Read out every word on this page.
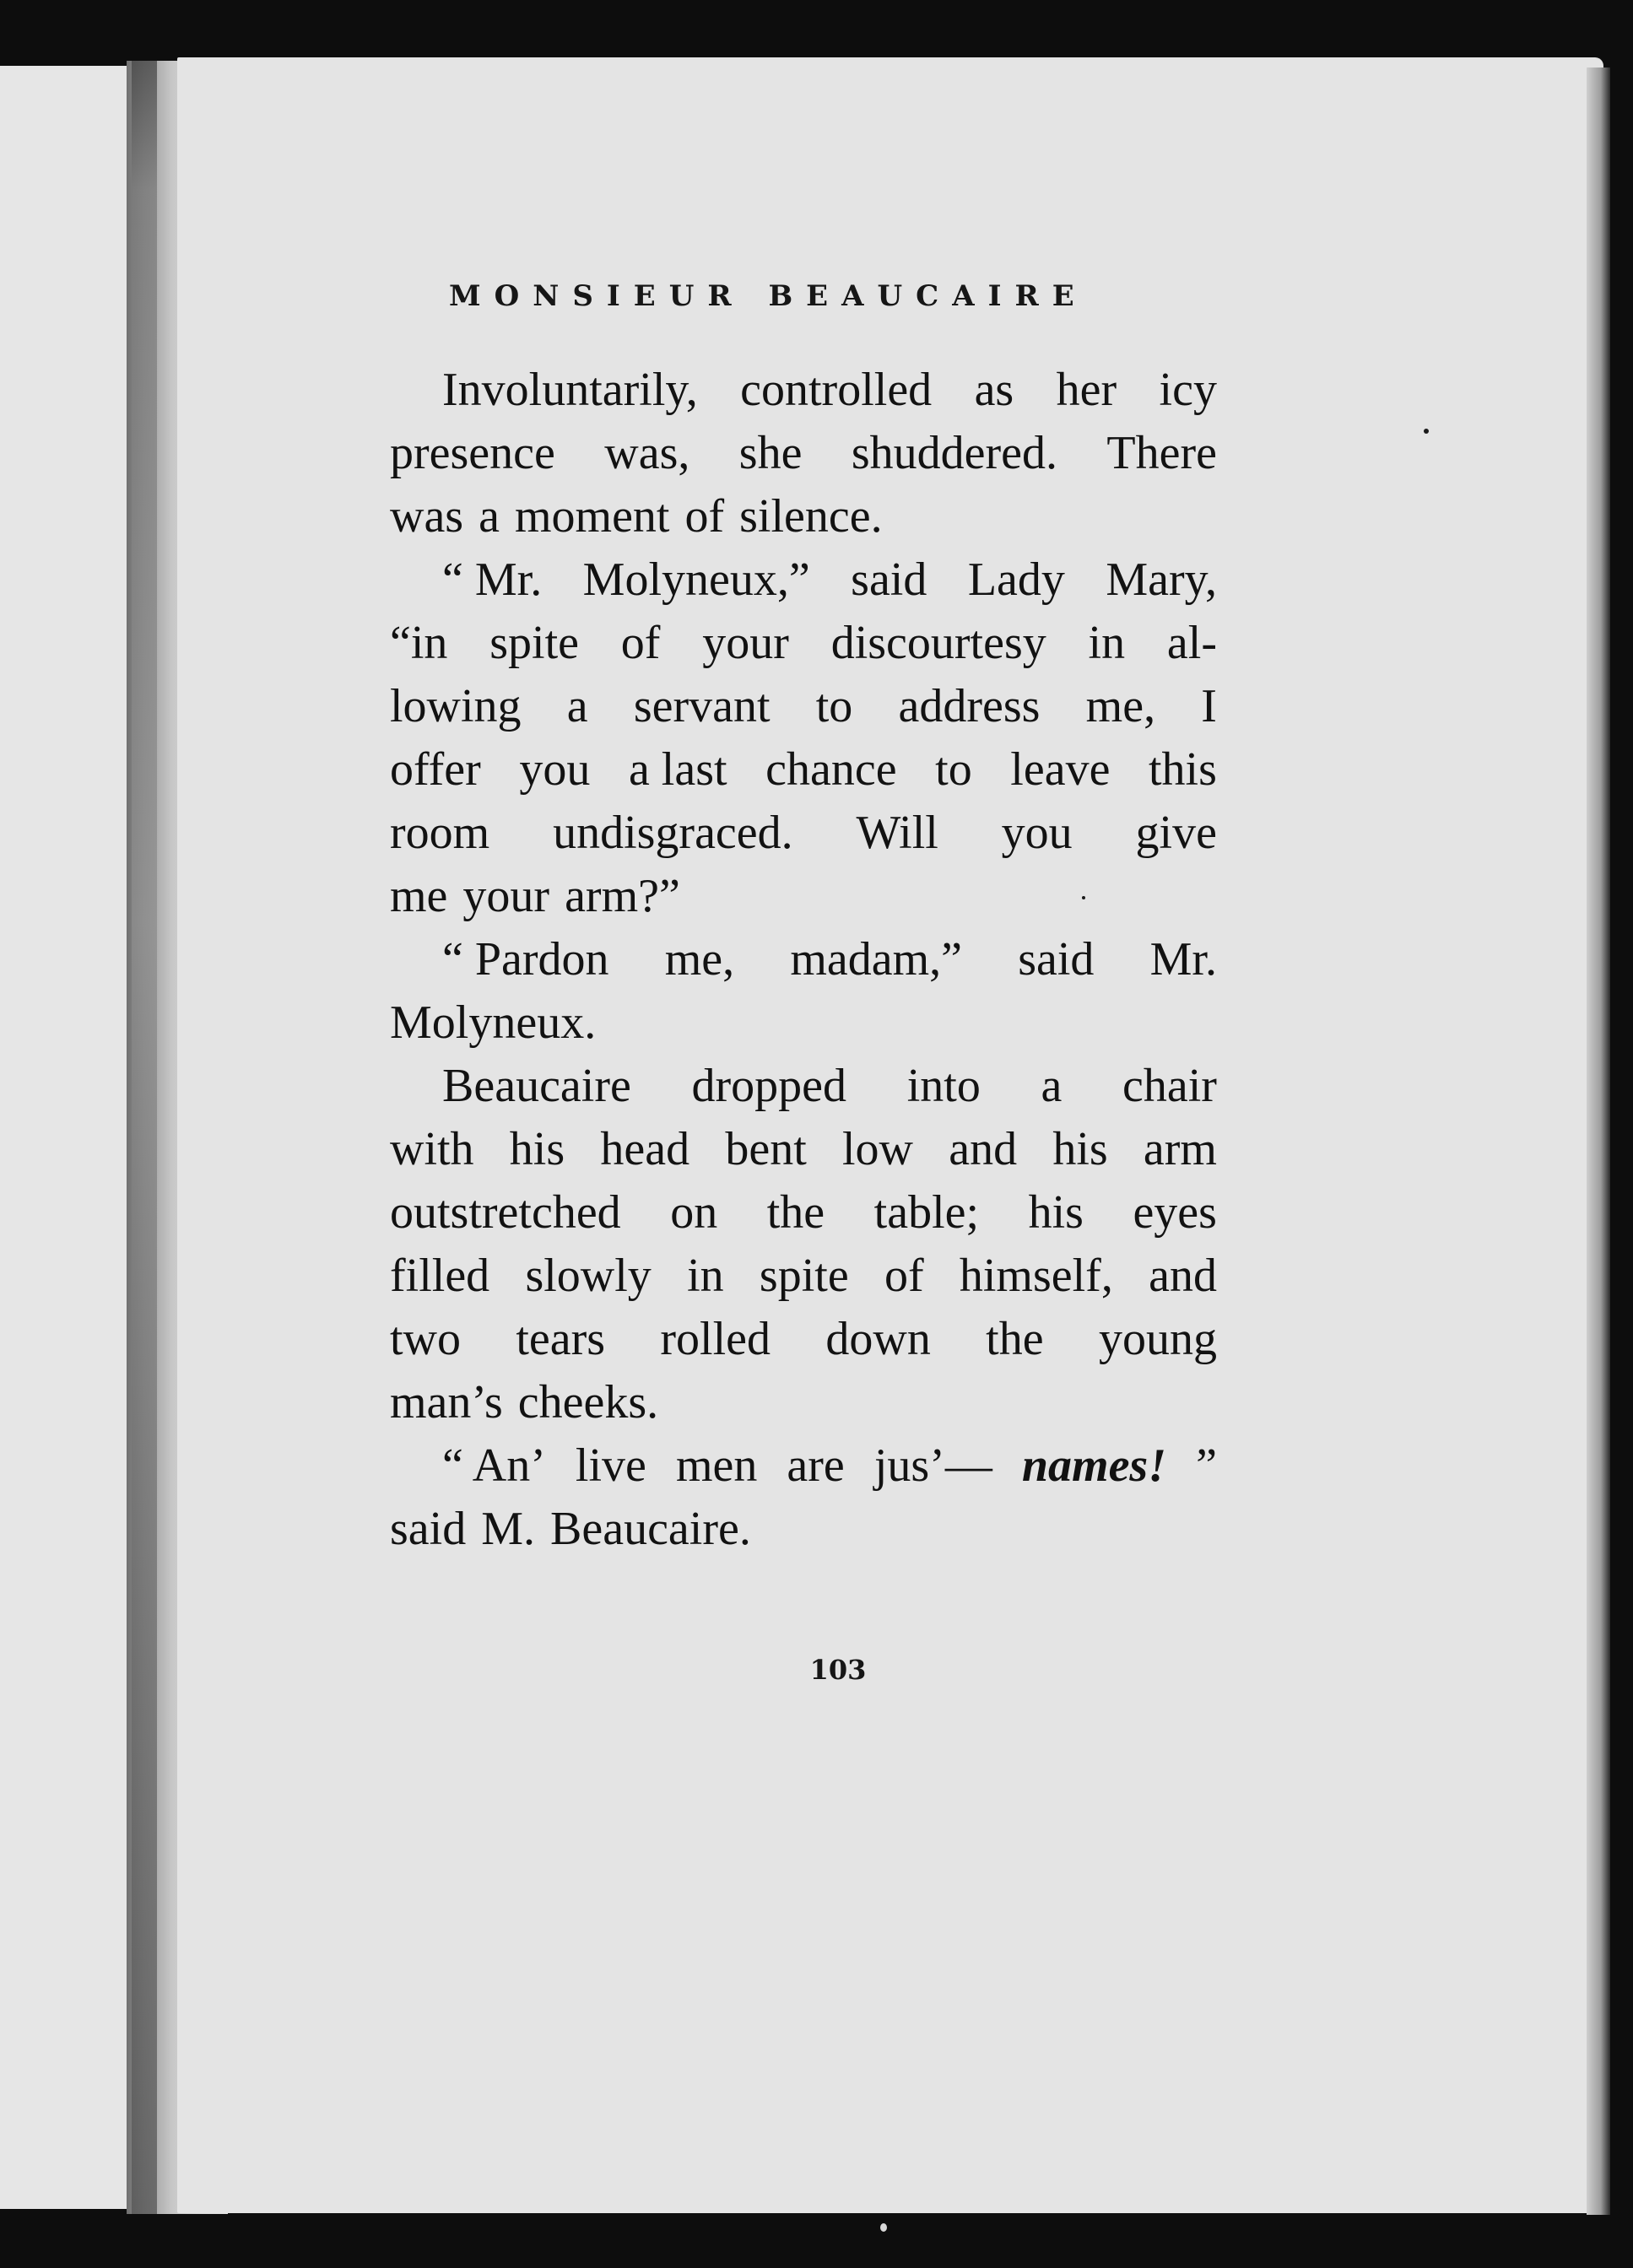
MONSIEUR BEAUCAIRE
Involuntarily, controlled as her icy
presence was, she shuddered. There
was a moment of silence.
“ Mr. Molyneux,” said Lady Mary,
“in spite of your discourtesy in al-
lowing a servant to address me, I
offer you a last chance to leave this
room undisgraced. Will you give
me your arm?”
“ Pardon me, madam,” said Mr.
Molyneux.
Beaucaire dropped into a chair
with his head bent low and his arm
outstretched on the table; his eyes
filled slowly in spite of himself, and
two tears rolled down the young
man’s cheeks.
“ An’ live men are jus’— names! ”
said M. Beaucaire.
103
